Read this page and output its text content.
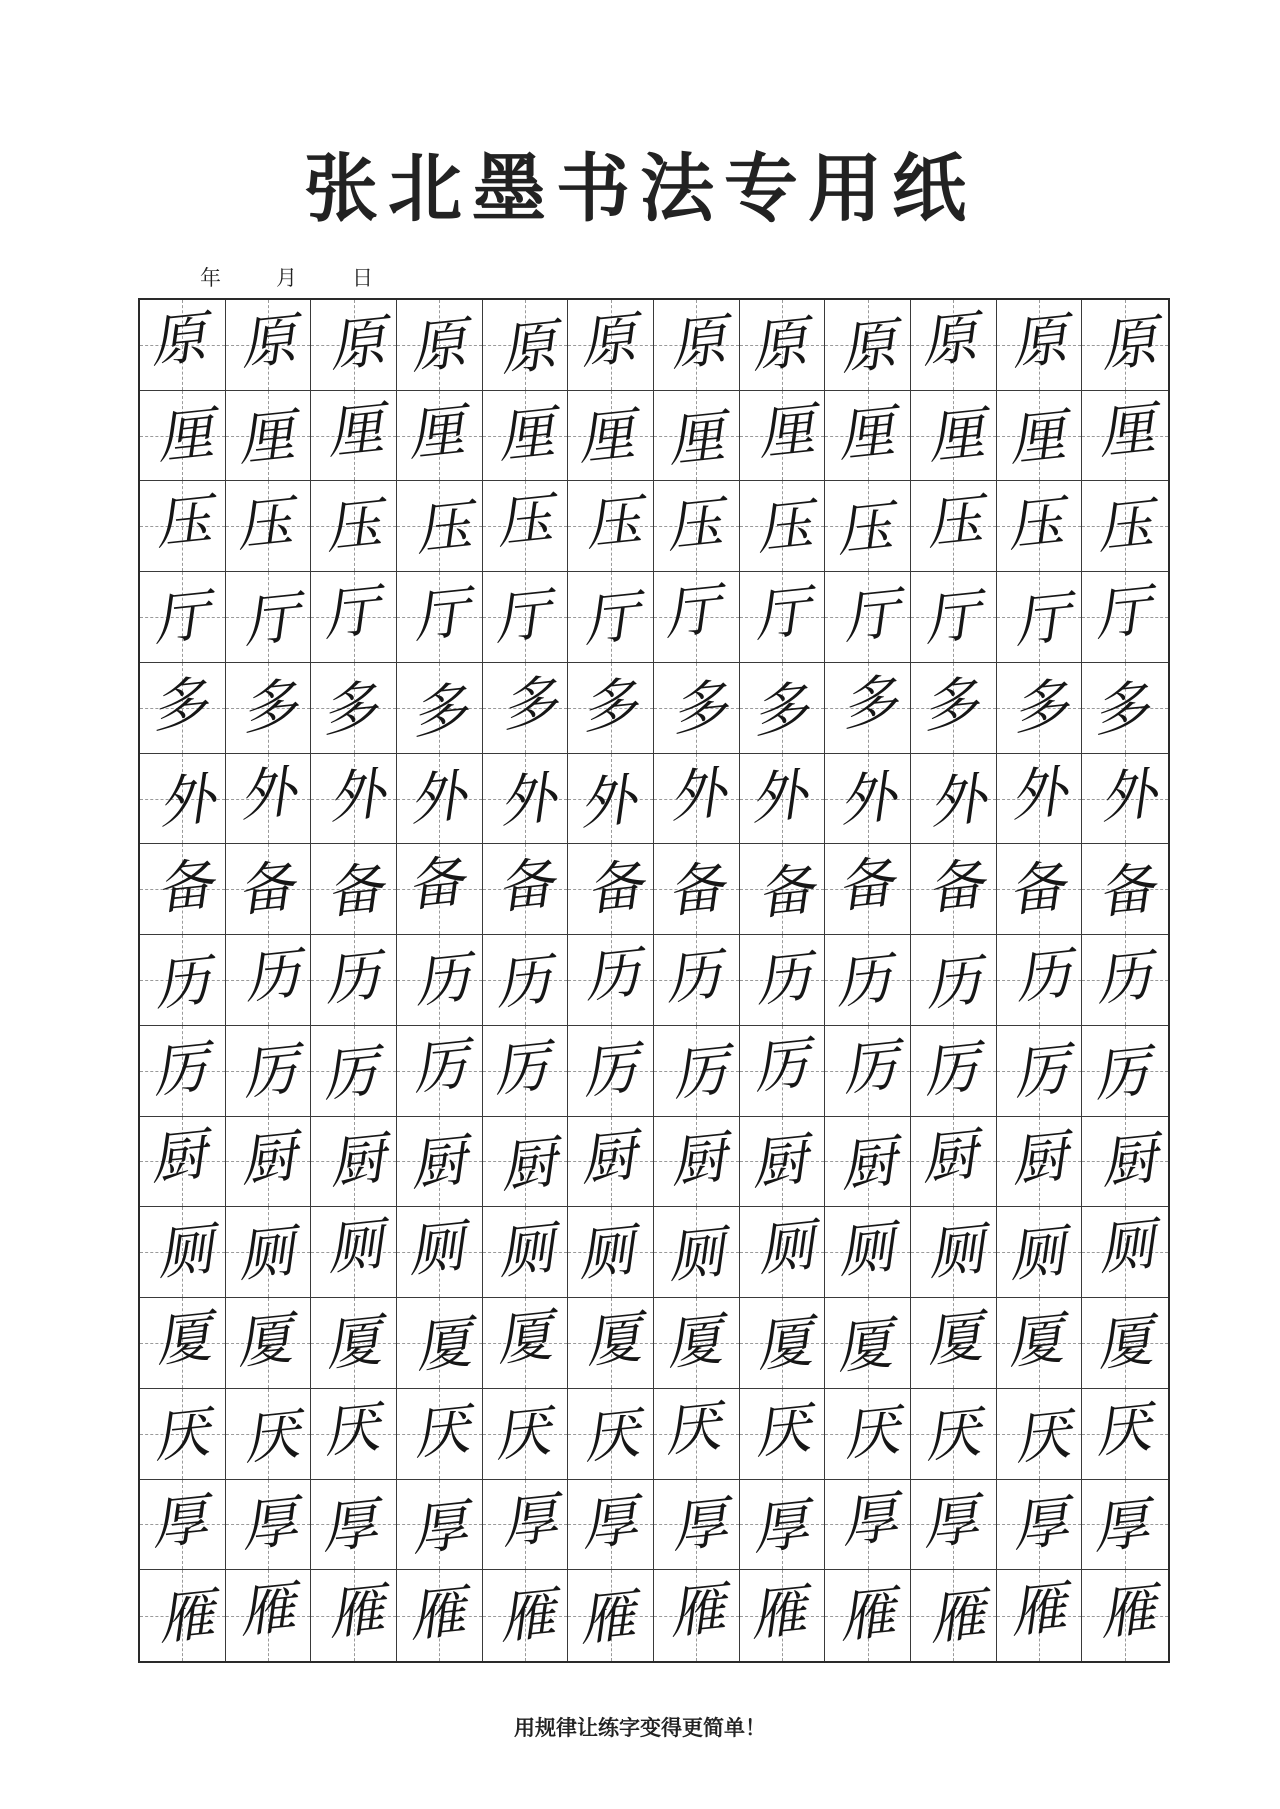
张北墨书法专用纸
年	月	日
原 原 原 原 原 原 原 原 原 原 原 原
厘 厘 厘 厘 厘 厘 厘 厘 厘 厘 厘 厘
压 压 压 压 压 压 压 压 压 压 压 压
厅 厅 厅 厅 厅 厅 厅 厅 厅 厅 厅 厅
多 多 多 多 多 多 多 多 多 多 多 多
外 外 外 外 外 外 外 外 外 外 外 外
备 备 备 备 备 备 备 备 备 备 备 备
历 历 历 历 历 历 历 历 历 历 历 历
厉 厉 厉 厉 厉 厉 厉 厉 厉 厉 厉 厉
厨 厨 厨 厨 厨 厨 厨 厨 厨 厨 厨 厨
厕 厕 厕 厕 厕 厕 厕 厕 厕 厕 厕 厕
厦 厦 厦 厦 厦 厦 厦 厦 厦 厦 厦 厦
厌 厌 厌 厌 厌 厌 厌 厌 厌 厌 厌 厌
厚 厚 厚 厚 厚 厚 厚 厚 厚 厚 厚 厚
雁 雁 雁 雁 雁 雁 雁 雁 雁 雁 雁 雁
用规律让练字变得更简单！
